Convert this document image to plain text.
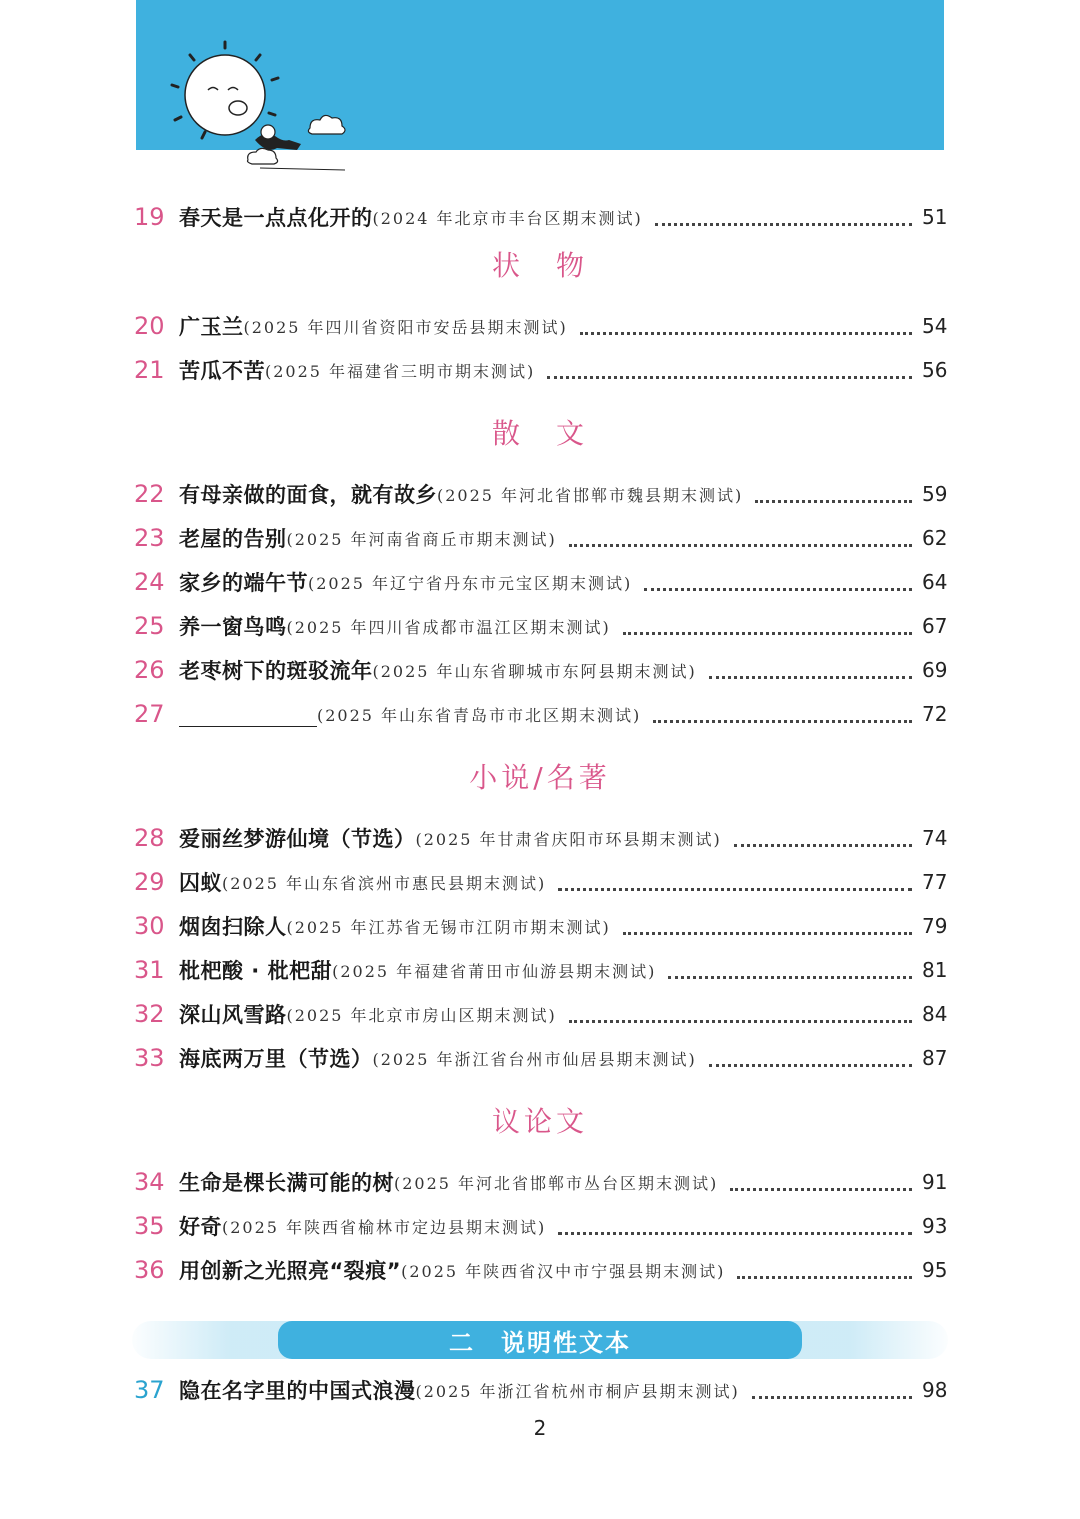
19 春天是一点点化开的 (2024 年北京市丰台区期末测试)	51
状　物
20 广玉兰 (2025 年四川省资阳市安岳县期末测试)	54
21 苦瓜不苦 (2025 年福建省三明市期末测试)	56
散　文
22 有母亲做的面食，就有故乡 (2025 年河北省邯郸市魏县期末测试)	59
23 老屋的告别 (2025 年河南省商丘市期末测试)	62
24 家乡的端午节 (2025 年辽宁省丹东市元宝区期末测试)	64
25 养一窗鸟鸣 (2025 年四川省成都市温江区期末测试)	67
26 老枣树下的斑驳流年 (2025 年山东省聊城市东阿县期末测试)	69
27	(2025 年山东省青岛市市北区期末测试)	72
小说/名著
28 爱丽丝梦游仙境（节选） (2025 年甘肃省庆阳市环县期末测试)	74
29 囚蚁 (2025 年山东省滨州市惠民县期末测试)	77
30 烟囱扫除人 (2025 年江苏省无锡市江阴市期末测试)	79
31 枇杷酸 · 枇杷甜 (2025 年福建省莆田市仙游县期末测试)	81
32 深山风雪路 (2025 年北京市房山区期末测试)	84
33 海底两万里（节选） (2025 年浙江省台州市仙居县期末测试)	87
议论文
34 生命是棵长满可能的树 (2025 年河北省邯郸市丛台区期末测试)	91
35 好奇 (2025 年陕西省榆林市定边县期末测试)	93
36 用创新之光照亮“裂痕” (2025 年陕西省汉中市宁强县期末测试)	95
二　说明性文本
37 隐在名字里的中国式浪漫 (2025 年浙江省杭州市桐庐县期末测试)	98
2
